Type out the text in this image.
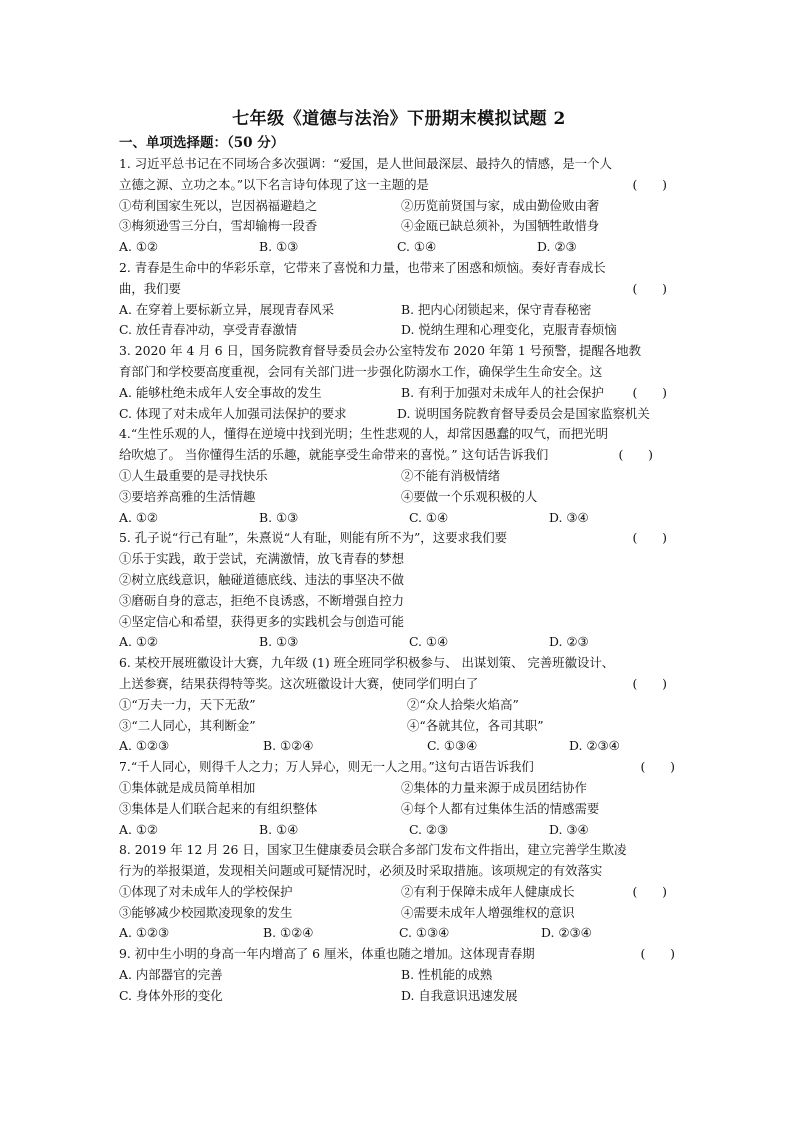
七年级《道德与法治》下册期末模拟试题 2
一、单项选择题：（50 分）
1. 习近平总书记在不同场合多次强调：“爱国，是人世间最深层、最持久的情感，是一个人
立德之源、立功之本。”以下名言诗句体现了这一主题的是	(　　)
①苟利国家生死以，岂因祸福避趋之	②历览前贤国与家，成由勤俭败由奢
③梅须逊雪三分白，雪却输梅一段香	④金瓯已缺总须补，为国牺牲敢惜身
A. ①②	B. ①③	C. ①④	D. ②③
2. 青春是生命中的华彩乐章，它带来了喜悦和力量，也带来了困惑和烦恼。奏好青春成长
曲，我们要	(　　)
A. 在穿着上要标新立异，展现青春风采	B. 把内心闭锁起来，保守青春秘密
C. 放任青春冲动，享受青春激情	D. 悦纳生理和心理变化，克服青春烦恼
3. 2020 年 4 月 6 日，国务院教育督导委员会办公室特发布 2020 年第 1 号预警，提醒各地教
育部门和学校要高度重视，会同有关部门进一步强化防溺水工作，确保学生生命安全。这
A. 能够杜绝未成年人安全事故的发生	B. 有利于加强对未成年人的社会保护 (　　)
C. 体现了对未成年人加强司法保护的要求	D. 说明国务院教育督导委员会是国家监察机关
4.“生性乐观的人，懂得在逆境中找到光明；生性悲观的人，却常因愚蠢的叹气，而把光明
给吹熄了。 当你懂得生活的乐趣，就能享受生命带来的喜悦。” 这句话告诉我们	(　　)
①人生最重要的是寻找快乐	②不能有消极情绪
③要培养高雅的生活情趣	④要做一个乐观积极的人
A. ①②	B. ①③	C. ①④	D. ③④
5. 孔子说“行己有耻”，朱熹说“人有耻，则能有所不为”，这要求我们要	(　　)
①乐于实践，敢于尝试，充满激情，放飞青春的梦想
②树立底线意识，触碰道德底线、违法的事坚决不做
③磨砺自身的意志，拒绝不良诱惑，不断增强自控力
④坚定信心和希望，获得更多的实践机会与创造可能
A. ①②	B. ①③	C. ①④	D. ②③
6. 某校开展班徽设计大赛，九年级 (1) 班全班同学积极参与、 出谋划策、 完善班徽设计、
上送参赛，结果获得特等奖。这次班徽设计大赛，使同学们明白了	(　　)
①“万夫一力，天下无敌”	②“众人拾柴火焰高”
③“二人同心，其利断金”	④“各就其位，各司其职”
A. ①②③	B. ①②④	C. ①③④	D. ②③④
7.“千人同心，则得千人之力；万人异心，则无一人之用。”这句古语告诉我们	(　　)
①集体就是成员简单相加	②集体的力量来源于成员团结协作
③集体是人们联合起来的有组织整体	④每个人都有过集体生活的情感需要
A. ①②	B. ①④	C. ②③	D. ③④
8. 2019 年 12 月 26 日，国家卫生健康委员会联合多部门发布文件指出，建立完善学生欺凌
行为的举报渠道，发现相关问题或可疑情况时，必须及时采取措施。该项规定的有效落实
①体现了对未成年人的学校保护	②有利于保障未成年人健康成长	(　　)
③能够减少校园欺凌现象的发生	④需要未成年人增强维权的意识
A. ①②③	B. ①②④	C. ①③④	D. ②③④
9. 初中生小明的身高一年内增高了 6 厘米，体重也随之增加。这体现青春期	(　　)
A. 内部器官的完善	B. 性机能的成熟
C. 身体外形的变化	D. 自我意识迅速发展
